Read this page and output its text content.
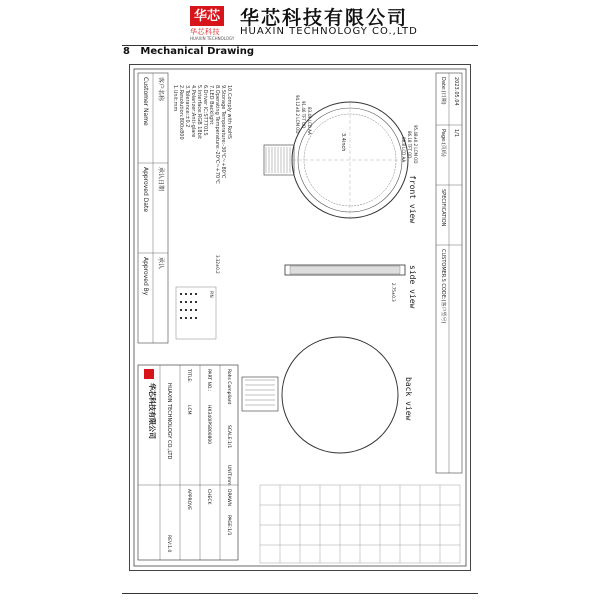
华芯
华芯科技
HUAXIN TECHNOLOGY
华芯科技有限公司
HUAXIN TECHNOLOGY CO.,LTD
8 Mechanical Drawing
Customer Name 客户名称
Approved Date 承认日期
Approved By 承认
1.Unit:mm 2.Resolution:800x800 3.Tolerance:±0.2 4.Polarizer:Anti-glare 5.Interface:RGB 18bit 6.Driver IC:ST7701S 7.LED Backlight 8.Operating Temperature:-20℃~+70℃ 9.Storage Temperature:-30℃~+80℃ 10.Comply with RoHS
PIN
3.4inch
94.12±0.2 LCM OD 91.46 TFT OD 83.49 LCD AA
95.48±0.2 LCM OD
86.18 TFT OD
88.8 LCD AA
front view
3.32±0.2
2.75±0.3 side view
back view
Date:(日期) 2023.05.04
Page:(页码) 1/1
SPECIFICATION
CUSTOMER.S CODE:(客户型号)
华芯科技有限公司 HUAXIN TECHNOLOGY CO.,LTD
TITLE:
LCM
PART NO.:
HX340IPS800800
Rohs Compliant
SCALE:1/1
UNIT:mm
APPROVE	CHECK	DRAWN
REV:1.0
PAGE:1/1
